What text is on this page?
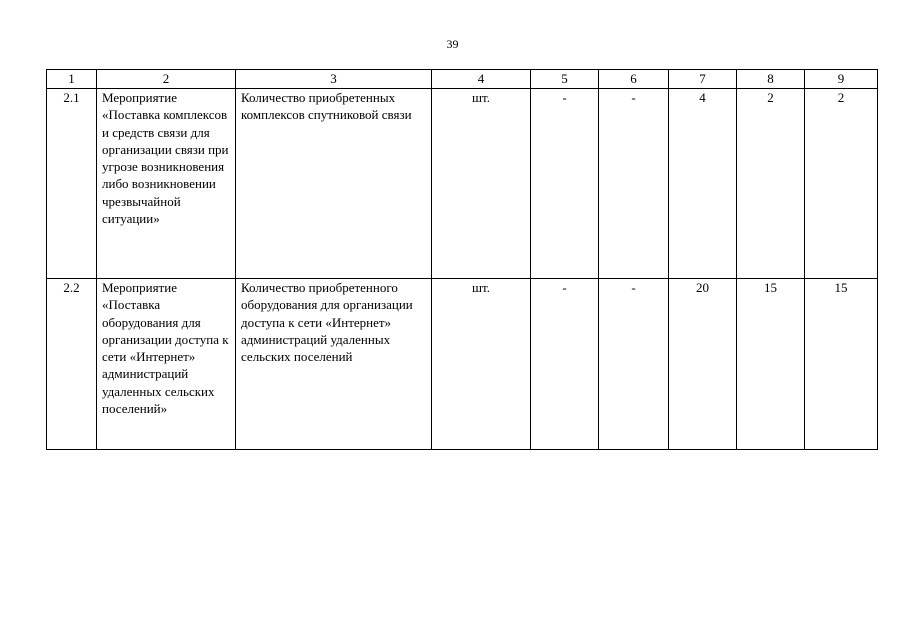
39
1	2	3	4	5	6	7	8	9
2.1	Мероприятие «Поставка комплексов и средств связи для организации связи при угрозе возникновения либо возникновении чрезвычайной ситуации»	Количество приобретенных комплексов спутниковой связи	шт.	-	-	4	2	2
2.2	Мероприятие «Поставка оборудования для организации доступа к сети «Интернет» администраций удаленных сельских поселений»	Количество приобретенного оборудования для организации доступа к сети «Интернет» администраций удаленных сельских поселений	шт.	-	-	20	15	15
